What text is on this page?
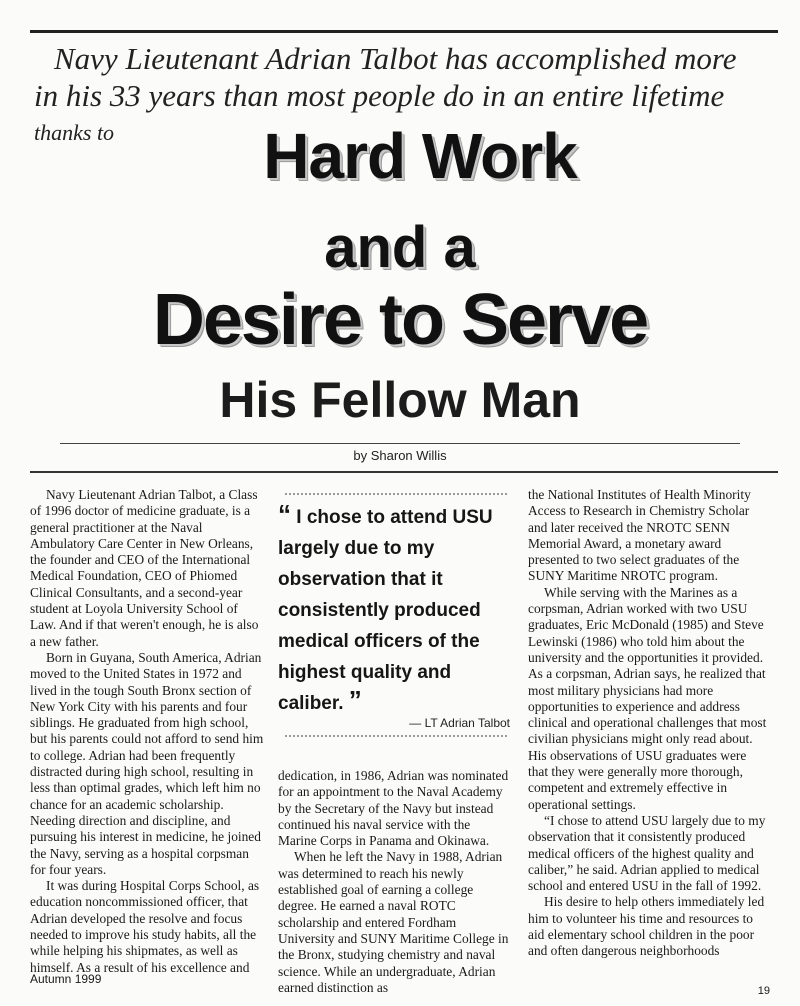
Navy Lieutenant Adrian Talbot has accomplished more
in his 33 years than most people do in an entire lifetime
thanks to	Hard Work
and a
Desire to Serve
His Fellow Man
by Sharon Willis

Navy Lieutenant Adrian Talbot, a Class of 1996 doctor of medicine graduate, is a general practitioner at the Naval Ambulatory Care Center in New Orleans, the founder and CEO of the International Medical Foundation, CEO of Phiomed Clinical Consultants, and a second-year student at Loyola University School of Law. And if that weren't enough, he is also a new father.

Born in Guyana, South America, Adrian moved to the United States in 1972 and lived in the tough South Bronx section of New York City with his parents and four siblings. He graduated from high school, but his parents could not afford to send him to college. Adrian had been frequently distracted during high school, resulting in less than optimal grades, which left him no chance for an academic scholarship. Needing direction and discipline, and pursuing his interest in medicine, he joined the Navy, serving as a hospital corpsman for four years.

It was during Hospital Corps School, as education noncommissioned officer, that Adrian developed the resolve and focus needed to improve his study habits, all the while helping his shipmates, as well as himself. As a result of his excellence and

“ I chose to attend USU largely due to my observation that it consistently produced medical officers of the highest quality and caliber. ”
— LT Adrian Talbot

dedication, in 1986, Adrian was nominated for an appointment to the Naval Academy by the Secretary of the Navy but instead continued his naval service with the Marine Corps in Panama and Okinawa.

When he left the Navy in 1988, Adrian was determined to reach his newly established goal of earning a college degree. He earned a naval ROTC scholarship and entered Fordham University and SUNY Maritime College in the Bronx, studying chemistry and naval science. While an undergraduate, Adrian earned distinction as

the National Institutes of Health Minority Access to Research in Chemistry Scholar and later received the NROTC SENN Memorial Award, a monetary award presented to two select graduates of the SUNY Maritime NROTC program.

While serving with the Marines as a corpsman, Adrian worked with two USU graduates, Eric McDonald (1985) and Steve Lewinski (1986) who told him about the university and the opportunities it provided. As a corpsman, Adrian says, he realized that most military physicians had more opportunities to experience and address clinical and operational challenges that most civilian physicians might only read about. His observations of USU graduates were that they were generally more thorough, competent and extremely effective in operational settings.

“I chose to attend USU largely due to my observation that it consistently produced medical officers of the highest quality and caliber,” he said. Adrian applied to medical school and entered USU in the fall of 1992.

His desire to help others immediately led him to volunteer his time and resources to aid elementary school children in the poor and often dangerous neighborhoods

Autumn 1999
19
